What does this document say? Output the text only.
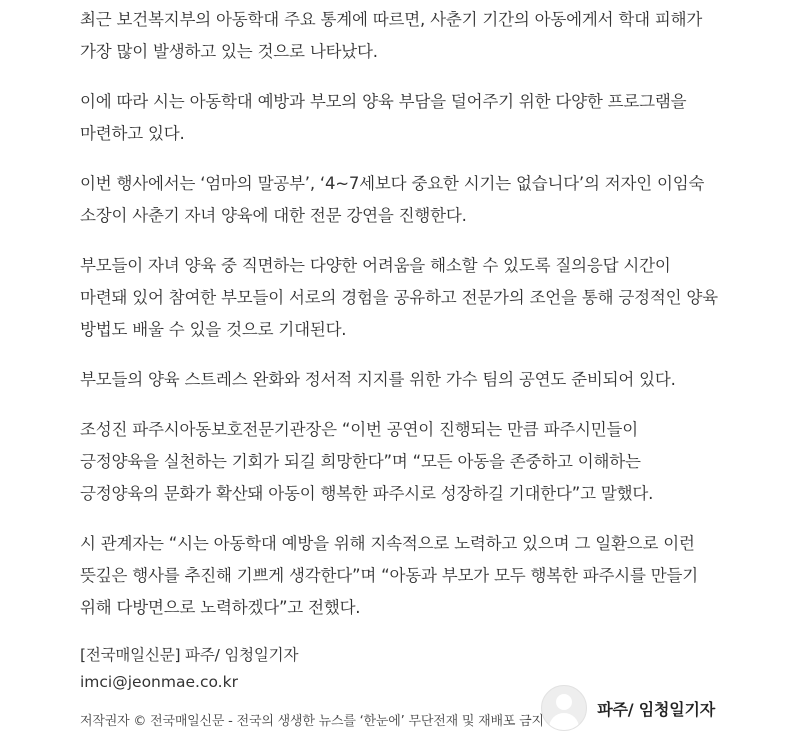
최근 보건복지부의 아동학대 주요 통계에 따르면, 사춘기 기간의 아동에게서 학대 피해가 가장 많이 발생하고 있는 것으로 나타났다.

이에 따라 시는 아동학대 예방과 부모의 양육 부담을 덜어주기 위한 다양한 프로그램을 마련하고 있다.

이번 행사에서는 ‘엄마의 말공부’, ‘4~7세보다 중요한 시기는 없습니다’의 저자인 이임숙 소장이 사춘기 자녀 양육에 대한 전문 강연을 진행한다.

부모들이 자녀 양육 중 직면하는 다양한 어려움을 해소할 수 있도록 질의응답 시간이 마련돼 있어 참여한 부모들이 서로의 경험을 공유하고 전문가의 조언을 통해 긍정적인 양육 방법도 배울 수 있을 것으로 기대된다.

부모들의 양육 스트레스 완화와 정서적 지지를 위한 가수 팀의 공연도 준비되어 있다.

조성진 파주시아동보호전문기관장은 “이번 공연이 진행되는 만큼 파주시민들이 긍정양육을 실천하는 기회가 되길 희망한다”며 “모든 아동을 존중하고 이해하는 긍정양육의 문화가 확산돼 아동이 행복한 파주시로 성장하길 기대한다”고 말했다.

시 관계자는 “시는 아동학대 예방을 위해 지속적으로 노력하고 있으며 그 일환으로 이런 뜻깊은 행사를 추진해 기쁘게 생각한다”며 “아동과 부모가 모두 행복한 파주시를 만들기 위해 다방면으로 노력하겠다”고 전했다.

[전국매일신문] 파주/ 임청일기자
imci@jeonmae.co.kr
저작권자 © 전국매일신문 - 전국의 생생한 뉴스를 ‘한눈에’ 무단전재 및 재배포 금지
파주/ 임청일기자
